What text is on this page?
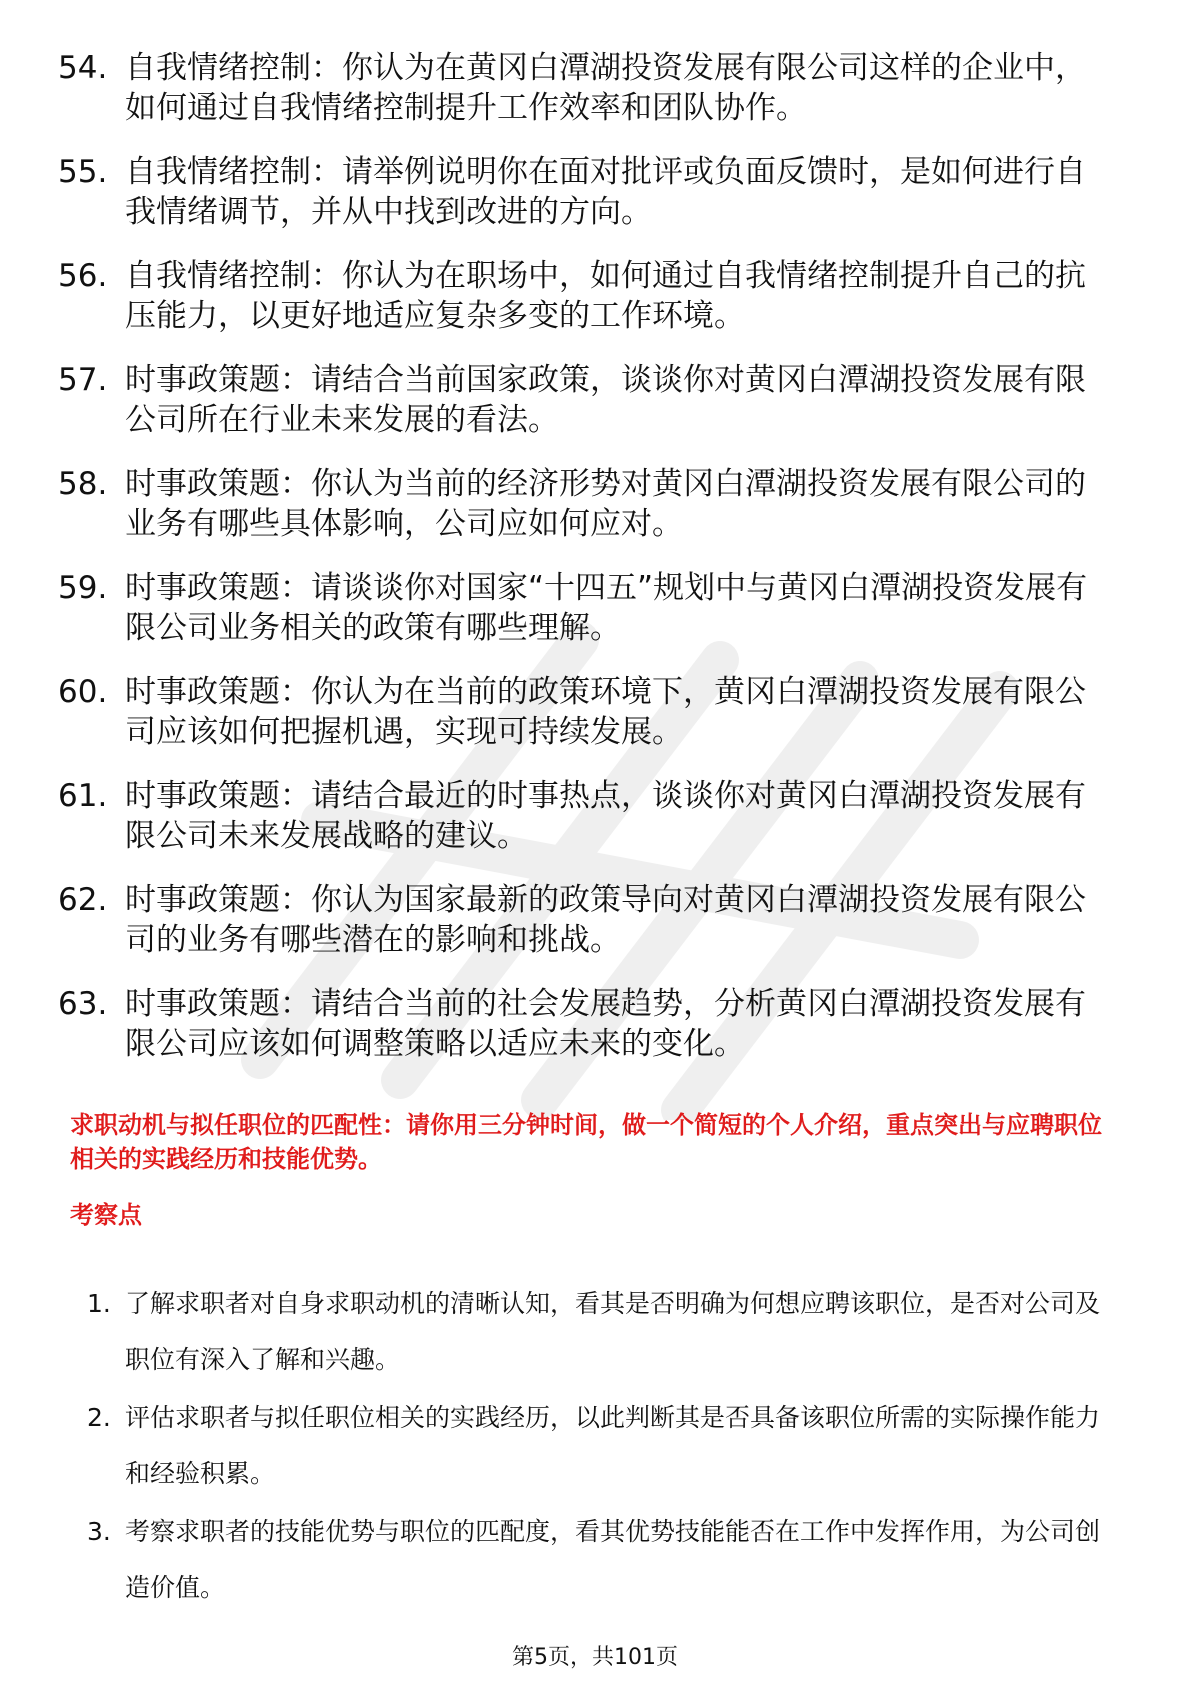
54. 自我情绪控制：你认为在黄冈白潭湖投资发展有限公司这样的企业中，如何通过自我情绪控制提升工作效率和团队协作。
55. 自我情绪控制：请举例说明你在面对批评或负面反馈时，是如何进行自我情绪调节，并从中找到改进的方向。
56. 自我情绪控制：你认为在职场中，如何通过自我情绪控制提升自己的抗压能力，以更好地适应复杂多变的工作环境。
57. 时事政策题：请结合当前国家政策，谈谈你对黄冈白潭湖投资发展有限公司所在行业未来发展的看法。
58. 时事政策题：你认为当前的经济形势对黄冈白潭湖投资发展有限公司的业务有哪些具体影响，公司应如何应对。
59. 时事政策题：请谈谈你对国家“十四五”规划中与黄冈白潭湖投资发展有限公司业务相关的政策有哪些理解。
60. 时事政策题：你认为在当前的政策环境下，黄冈白潭湖投资发展有限公司应该如何把握机遇，实现可持续发展。
61. 时事政策题：请结合最近的时事热点，谈谈你对黄冈白潭湖投资发展有限公司未来发展战略的建议。
62. 时事政策题：你认为国家最新的政策导向对黄冈白潭湖投资发展有限公司的业务有哪些潜在的影响和挑战。
63. 时事政策题：请结合当前的社会发展趋势，分析黄冈白潭湖投资发展有限公司应该如何调整策略以适应未来的变化。
求职动机与拟任职位的匹配性：请你用三分钟时间，做一个简短的个人介绍，重点突出与应聘职位相关的实践经历和技能优势。
考察点
1. 了解求职者对自身求职动机的清晰认知，看其是否明确为何想应聘该职位，是否对公司及职位有深入了解和兴趣。
2. 评估求职者与拟任职位相关的实践经历，以此判断其是否具备该职位所需的实际操作能力和经验积累。
3. 考察求职者的技能优势与职位的匹配度，看其优势技能能否在工作中发挥作用，为公司创造价值。
第5页，共101页
